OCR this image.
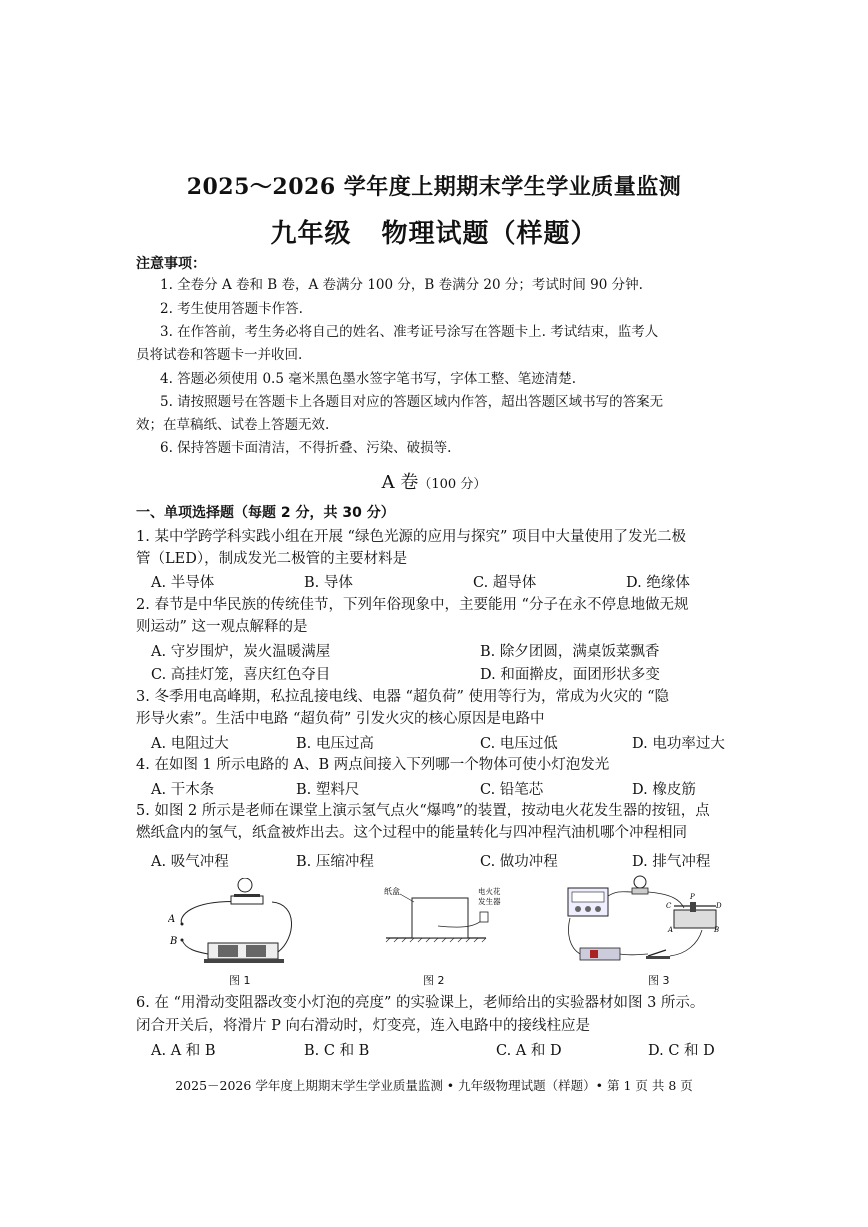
2025～2026 学年度上期期末学生学业质量监测
九年级 物理试题（样题）
注意事项：
1. 全卷分 A 卷和 B 卷，A 卷满分 100 分，B 卷满分 20 分；考试时间 90 分钟.
2. 考生使用答题卡作答.
3. 在作答前，考生务必将自己的姓名、准考证号涂写在答题卡上. 考试结束，监考人
员将试卷和答题卡一并收回.
4. 答题必须使用 0.5 毫米黑色墨水签字笔书写，字体工整、笔迹清楚.
5. 请按照题号在答题卡上各题目对应的答题区域内作答，超出答题区域书写的答案无
效；在草稿纸、试卷上答题无效.
6. 保持答题卡面清洁，不得折叠、污染、破损等.
A 卷（100 分）
一、单项选择题（每题 2 分，共 30 分）
1. 某中学跨学科实践小组在开展 “绿色光源的应用与探究” 项目中大量使用了发光二极
管（LED），制成发光二极管的主要材料是
A. 半导体	B. 导体	C. 超导体	D. 绝缘体
2. 春节是中华民族的传统佳节，下列年俗现象中，主要能用 “分子在永不停息地做无规
则运动” 这一观点解释的是
A. 守岁围炉，炭火温暖满屋	B. 除夕团圆，满桌饭菜飘香
C. 高挂灯笼，喜庆红色夺目	D. 和面擀皮，面团形状多变
3. 冬季用电高峰期，私拉乱接电线、电器 “超负荷” 使用等行为，常成为火灾的 “隐
形导火索”。生活中电路 “超负荷” 引发火灾的核心原因是电路中
A. 电阻过大	B. 电压过高	C. 电压过低	D. 电功率过大
4. 在如图 1 所示电路的 A、B 两点间接入下列哪一个物体可使小灯泡发光
A. 干木条	B. 塑料尺	C. 铅笔芯	D. 橡皮筋
5. 如图 2 所示是老师在课堂上演示氢气点火“爆鸣”的装置，按动电火花发生器的按钮，点
燃纸盒内的氢气，纸盒被炸出去。这个过程中的能量转化与四冲程汽油机哪个冲程相同
A. 吸气冲程	B. 压缩冲程	C. 做功冲程	D. 排气冲程
A
B
图 1
纸盒	电火花
发生器
图 2
P
C	D
A	B
图 3
6. 在 “用滑动变阻器改变小灯泡的亮度” 的实验课上，老师给出的实验器材如图 3 所示。
闭合开关后，将滑片 P 向右滑动时，灯变亮，连入电路中的接线柱应是
A. A 和 B	B. C 和 B	C. A 和 D	D. C 和 D
2025－2026 学年度上期期末学生学业质量监测 • 九年级物理试题（样题）• 第 1 页 共 8 页
